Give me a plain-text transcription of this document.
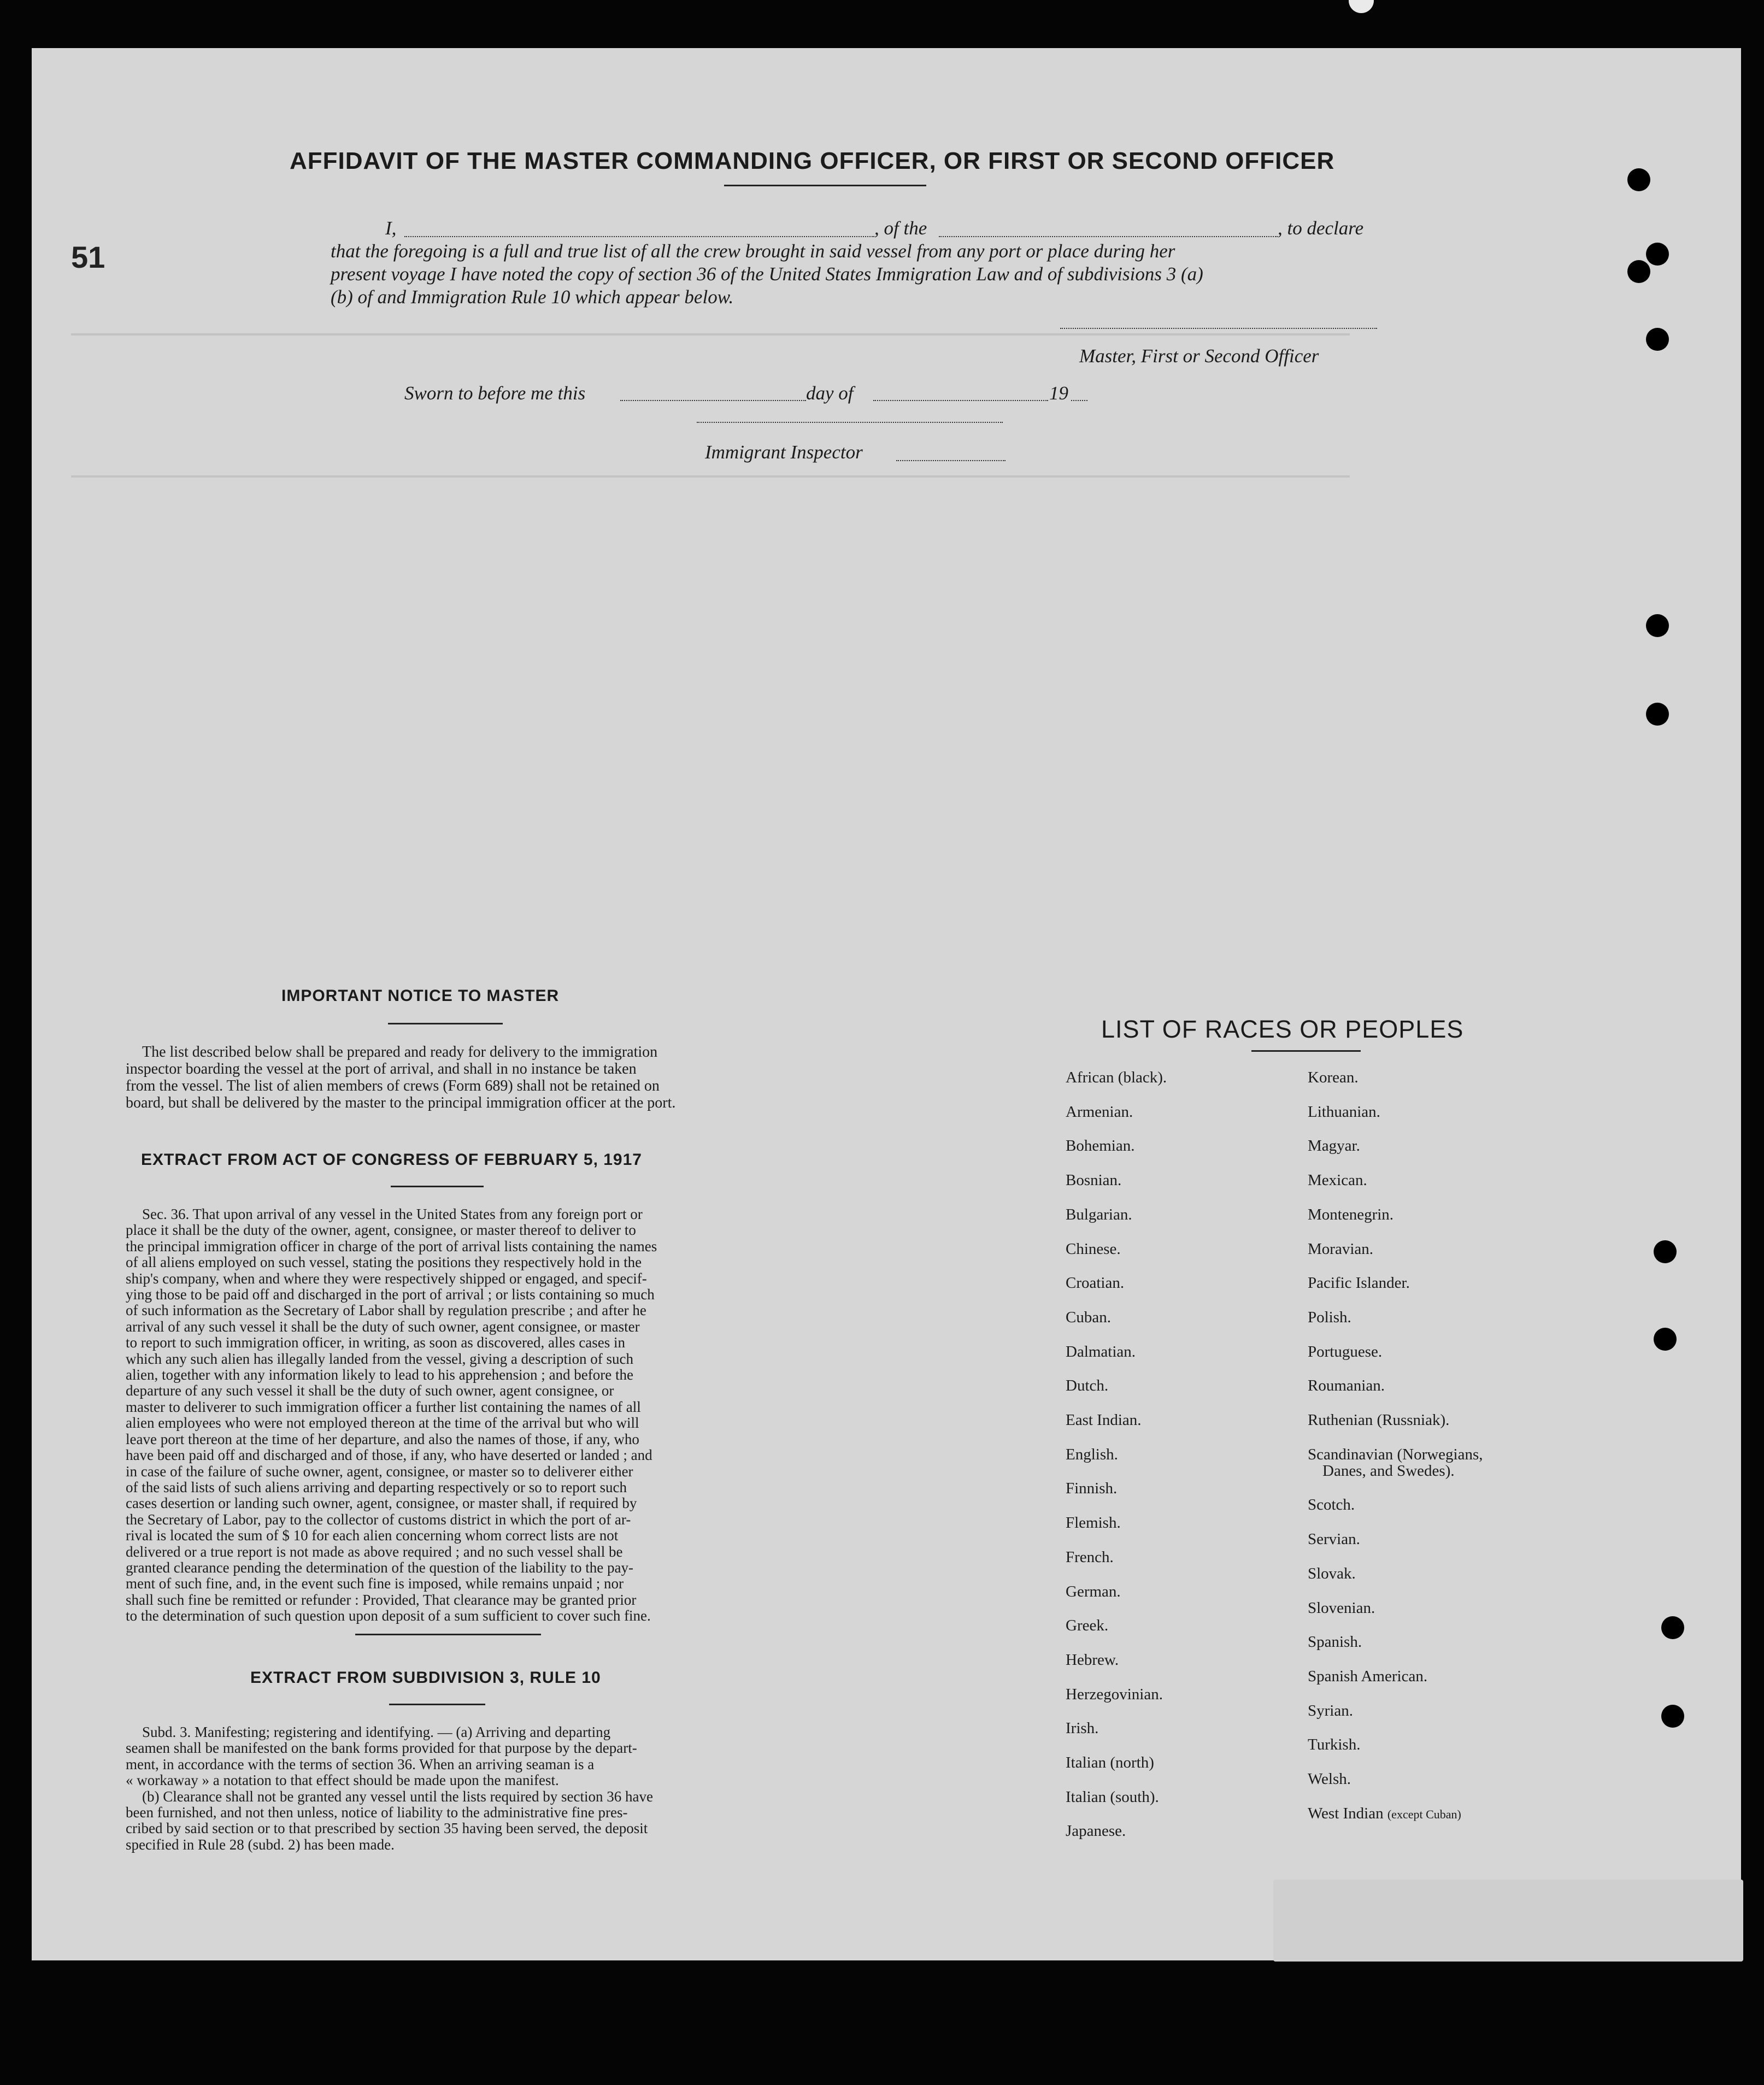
51
AFFIDAVIT OF THE MASTER COMMANDING OFFICER, OR FIRST OR SECOND OFFICER
I,	, of the	, to declare
that the foregoing is a full and true list of all the crew brought in said vessel from any port or place during her
present voyage I have noted the copy of section 36 of the United States Immigration Law and of subdivisions 3 (a)
(b) of and Immigration Rule 10 which appear below.
Master, First or Second Officer
Sworn to before me this	day of	19
Immigrant Inspector
IMPORTANT NOTICE TO MASTER
The list described below shall be prepared and ready for delivery to the immigration
inspector boarding the vessel at the port of arrival, and shall in no instance be taken
from the vessel. The list of alien members of crews (Form 689) shall not be retained on
board, but shall be delivered by the master to the principal immigration officer at the port.
EXTRACT FROM ACT OF CONGRESS OF FEBRUARY 5, 1917
Sec. 36. That upon arrival of any vessel in the United States from any foreign port or
place it shall be the duty of the owner, agent, consignee, or master thereof to deliver to
the principal immigration officer in charge of the port of arrival lists containing the names
of all aliens employed on such vessel, stating the positions they respectively hold in the
ship's company, when and where they were respectively shipped or engaged, and specif-
ying those to be paid off and discharged in the port of arrival ; or lists containing so much
of such information as the Secretary of Labor shall by regulation prescribe ; and after he
arrival of any such vessel it shall be the duty of such owner, agent consignee, or master
to report to such immigration officer, in writing, as soon as discovered, alles cases in
which any such alien has illegally landed from the vessel, giving a description of such
alien, together with any information likely to lead to his apprehension ; and before the
departure of any such vessel it shall be the duty of such owner, agent consignee, or
master to deliverer to such immigration officer a further list containing the names of all
alien employees who were not employed thereon at the time of the arrival but who will
leave port thereon at the time of her departure, and also the names of those, if any, who
have been paid off and discharged and of those, if any, who have deserted or landed ; and
in case of the failure of suche owner, agent, consignee, or master so to deliverer either
of the said lists of such aliens arriving and departing respectively or so to report such
cases desertion or landing such owner, agent, consignee, or master shall, if required by
the Secretary of Labor, pay to the collector of customs district in which the port of ar-
rival is located the sum of $ 10 for each alien concerning whom correct lists are not
delivered or a true report is not made as above required ; and no such vessel shall be
granted clearance pending the determination of the question of the liability to the pay-
ment of such fine, and, in the event such fine is imposed, while remains unpaid ; nor
shall such fine be remitted or refunder : Provided, That clearance may be granted prior
to the determination of such question upon deposit of a sum sufficient to cover such fine.
EXTRACT FROM SUBDIVISION 3, RULE 10
Subd. 3. Manifesting; registering and identifying. — (a) Arriving and departing
seamen shall be manifested on the bank forms provided for that purpose by the depart-
ment, in accordance with the terms of section 36. When an arriving seaman is a
« workaway » a notation to that effect should be made upon the manifest.
(b) Clearance shall not be granted any vessel until the lists required by section 36 have
been furnished, and not then unless, notice of liability to the administrative fine pres-
cribed by said section or to that prescribed by section 35 having been served, the deposit
specified in Rule 28 (subd. 2) has been made.
LIST OF RACES OR PEOPLES
African (black).
Armenian.
Bohemian.
Bosnian.
Bulgarian.
Chinese.
Croatian.
Cuban.
Dalmatian.
Dutch.
East Indian.
English.
Finnish.
Flemish.
French.
German.
Greek.
Hebrew.
Herzegovinian.
Irish.
Italian (north)
Italian (south).
Japanese.
Korean.
Lithuanian.
Magyar.
Mexican.
Montenegrin.
Moravian.
Pacific Islander.
Polish.
Portuguese.
Roumanian.
Ruthenian (Russniak).
Scandinavian (Norwegians,
Danes, and Swedes).
Scotch.
Servian.
Slovak.
Slovenian.
Spanish.
Spanish American.
Syrian.
Turkish.
Welsh.
West Indian (except Cuban)
